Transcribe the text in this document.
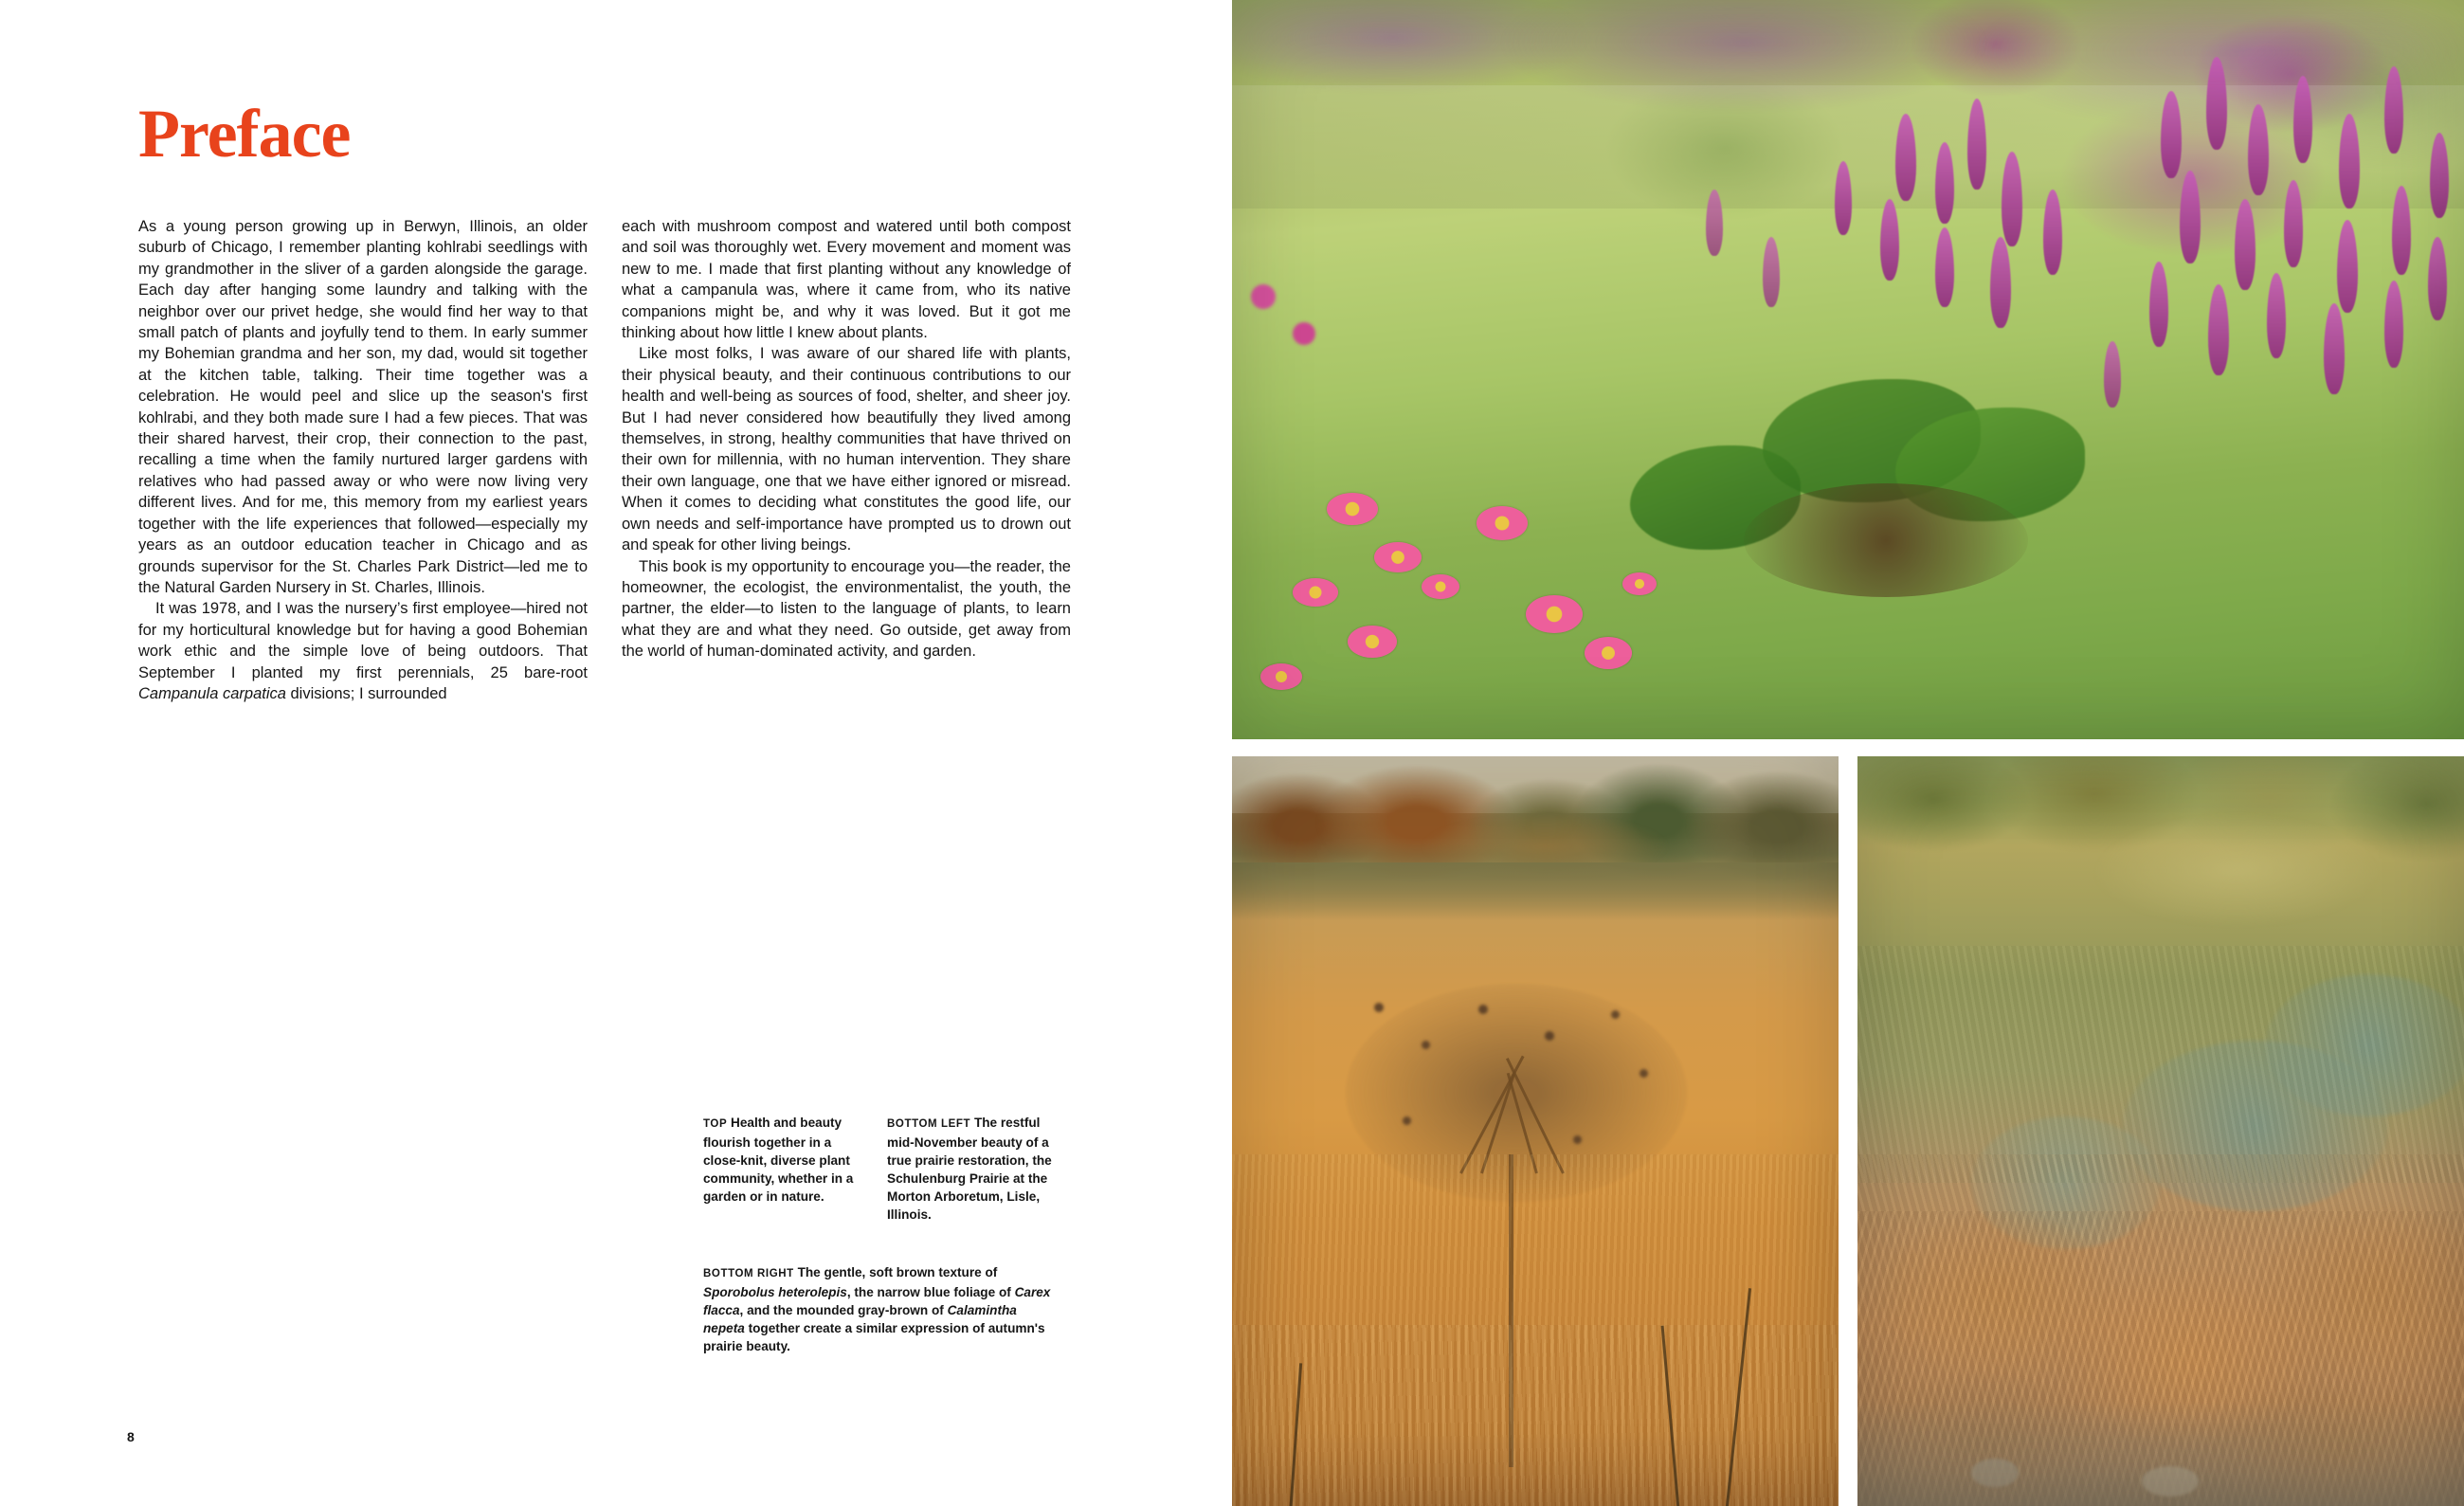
Preface

As a young person growing up in Berwyn, Illinois, an older suburb of Chicago, I remember planting kohlrabi seedlings with my grandmother in the sliver of a garden alongside the garage. Each day after hanging some laundry and talking with the neighbor over our privet hedge, she would find her way to that small patch of plants and joyfully tend to them. In early summer my Bohemian grandma and her son, my dad, would sit together at the kitchen table, talking. Their time together was a celebration. He would peel and slice up the season's first kohlrabi, and they both made sure I had a few pieces. That was their shared harvest, their crop, their connection to the past, recalling a time when the family nurtured larger gardens with relatives who had passed away or who were now living very different lives. And for me, this memory from my earliest years together with the life experiences that followed—especially my years as an outdoor education teacher in Chicago and as grounds supervisor for the St. Charles Park District—led me to the Natural Garden Nursery in St. Charles, Illinois.

It was 1978, and I was the nursery’s first employee—hired not for my horticultural knowledge but for having a good Bohemian work ethic and the simple love of being outdoors. That September I planted my first perennials, 25 bare-root Campanula carpatica divisions; I surrounded

each with mushroom compost and watered until both compost and soil was thoroughly wet. Every movement and moment was new to me. I made that first planting without any knowledge of what a campanula was, where it came from, who its native companions might be, and why it was loved. But it got me thinking about how little I knew about plants.

Like most folks, I was aware of our shared life with plants, their physical beauty, and their continuous contributions to our health and well-being as sources of food, shelter, and sheer joy. But I had never considered how beautifully they lived among themselves, in strong, healthy communities that have thrived on their own for millennia, with no human intervention. They share their own language, one that we have either ignored or misread. When it comes to deciding what constitutes the good life, our own needs and self-importance have prompted us to drown out and speak for other living beings.

This book is my opportunity to encourage you—the reader, the homeowner, the ecologist, the environmentalist, the youth, the partner, the elder—to listen to the language of plants, to learn what they are and what they need. Go outside, get away from the world of human-dominated activity, and garden.

TOP Health and beauty flourish together in a close-knit, diverse plant community, whether in a garden or in nature.
BOTTOM LEFT The restful mid-November beauty of a true prairie restoration, the Schulenburg Prairie at the Morton Arboretum, Lisle, Illinois.
BOTTOM RIGHT The gentle, soft brown texture of Sporobolus heterolepis, the narrow blue foliage of Carex flacca, and the mounded gray-brown of Calamintha nepeta together create a similar expression of autumn's prairie beauty.
8
